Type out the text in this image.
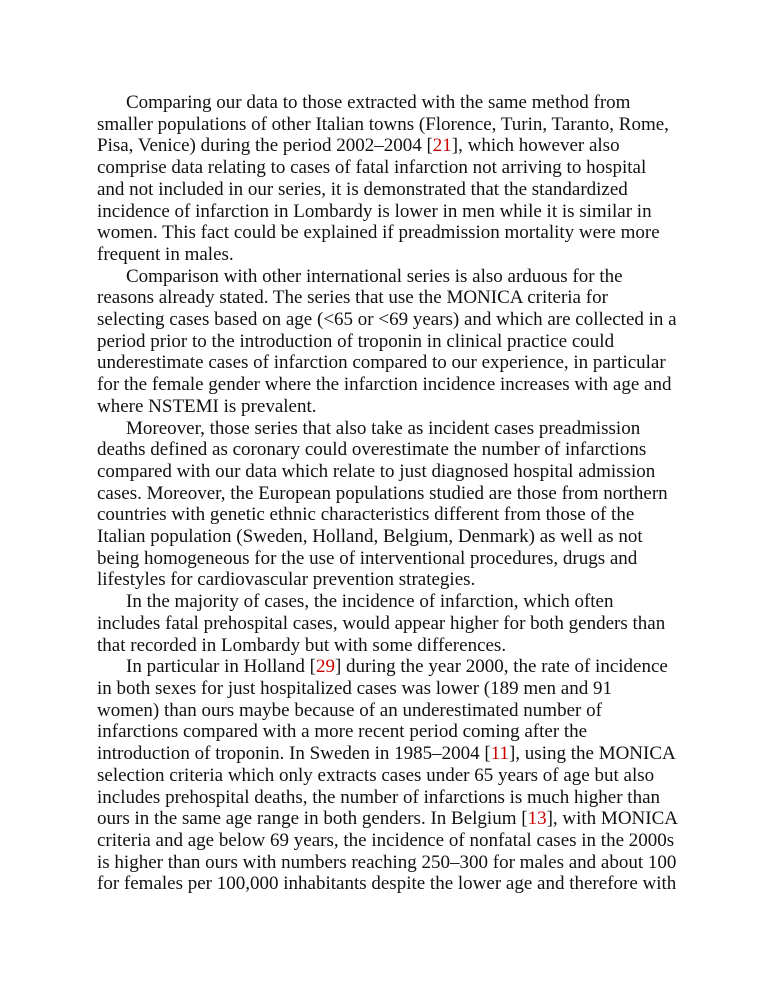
Comparing our data to those extracted with the same method from
smaller populations of other Italian towns (Florence, Turin, Taranto, Rome,
Pisa, Venice) during the period 2002–2004 [21], which however also
comprise data relating to cases of fatal infarction not arriving to hospital
and not included in our series, it is demonstrated that the standardized
incidence of infarction in Lombardy is lower in men while it is similar in
women. This fact could be explained if preadmission mortality were more
frequent in males.

Comparison with other international series is also arduous for the
reasons already stated. The series that use the MONICA criteria for
selecting cases based on age (<65 or <69 years) and which are collected in a
period prior to the introduction of troponin in clinical practice could
underestimate cases of infarction compared to our experience, in particular
for the female gender where the infarction incidence increases with age and
where NSTEMI is prevalent.

Moreover, those series that also take as incident cases preadmission
deaths defined as coronary could overestimate the number of infarctions
compared with our data which relate to just diagnosed hospital admission
cases. Moreover, the European populations studied are those from northern
countries with genetic ethnic characteristics different from those of the
Italian population (Sweden, Holland, Belgium, Denmark) as well as not
being homogeneous for the use of interventional procedures, drugs and
lifestyles for cardiovascular prevention strategies.

In the majority of cases, the incidence of infarction, which often
includes fatal prehospital cases, would appear higher for both genders than
that recorded in Lombardy but with some differences.

In particular in Holland [29] during the year 2000, the rate of incidence
in both sexes for just hospitalized cases was lower (189 men and 91
women) than ours maybe because of an underestimated number of
infarctions compared with a more recent period coming after the
introduction of troponin. In Sweden in 1985–2004 [11], using the MONICA
selection criteria which only extracts cases under 65 years of age but also
includes prehospital deaths, the number of infarctions is much higher than
ours in the same age range in both genders. In Belgium [13], with MONICA
criteria and age below 69 years, the incidence of nonfatal cases in the 2000s
is higher than ours with numbers reaching 250–300 for males and about 100
for females per 100,000 inhabitants despite the lower age and therefore with
